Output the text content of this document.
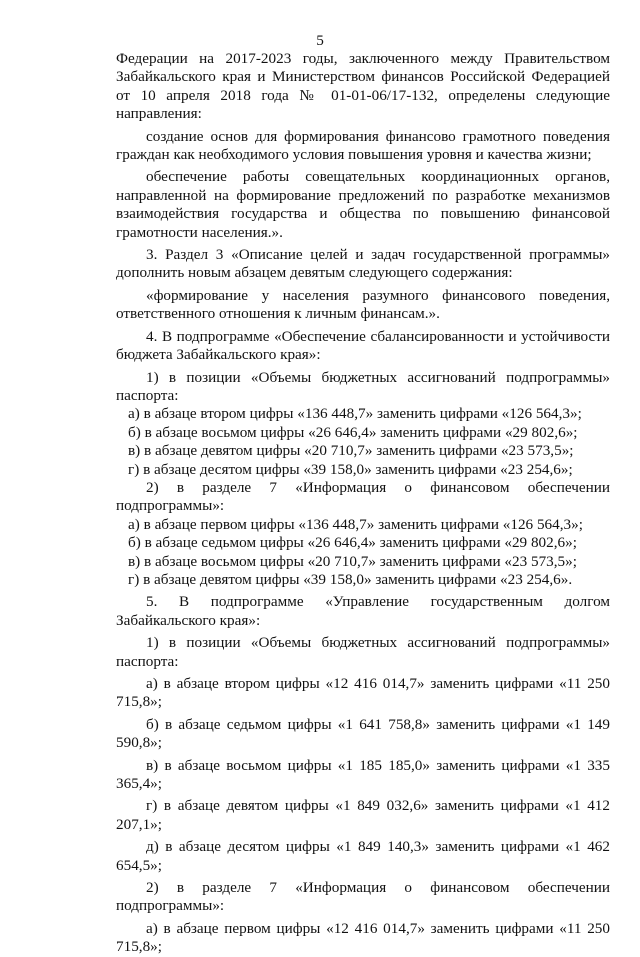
5

Федерации на 2017-2023 годы, заключенного между Правительством Забайкальского края и Министерством финансов Российской Федерацией от 10 апреля 2018 года № 01-01-06/17-132, определены следующие направления:

создание основ для формирования финансово грамотного поведения граждан как необходимого условия повышения уровня и качества жизни;

обеспечение работы совещательных координационных органов, направленной на формирование предложений по разработке механизмов взаимодействия государства и общества по повышению финансовой грамотности населения.».

3. Раздел 3 «Описание целей и задач государственной программы» дополнить новым абзацем девятым следующего содержания:

«формирование у населения разумного финансового поведения, ответственного отношения к личным финансам.».

4. В подпрограмме «Обеспечение сбалансированности и устойчивости бюджета Забайкальского края»:

1) в позиции «Объемы бюджетных ассигнований подпрограммы» паспорта:

а) в абзаце втором цифры «136 448,7» заменить цифрами «126 564,3»;

б) в абзаце восьмом цифры «26 646,4» заменить цифрами «29 802,6»;

в) в абзаце девятом цифры «20 710,7» заменить цифрами «23 573,5»;

г) в абзаце десятом цифры «39 158,0» заменить цифрами «23 254,6»;

2) в разделе 7 «Информация о финансовом обеспечении подпрограммы»:

а) в абзаце первом цифры «136 448,7» заменить цифрами «126 564,3»;

б) в абзаце седьмом цифры «26 646,4» заменить цифрами «29 802,6»;

в) в абзаце восьмом цифры «20 710,7» заменить цифрами «23 573,5»;

г) в абзаце девятом цифры «39 158,0» заменить цифрами «23 254,6».

5. В подпрограмме «Управление государственным долгом Забайкальского края»:

1) в позиции «Объемы бюджетных ассигнований подпрограммы» паспорта:

а) в абзаце втором цифры «12 416 014,7» заменить цифрами «11 250 715,8»;

б) в абзаце седьмом цифры «1 641 758,8» заменить цифрами «1 149 590,8»;

в) в абзаце восьмом цифры «1 185 185,0» заменить цифрами «1 335 365,4»;

г) в абзаце девятом цифры «1 849 032,6» заменить цифрами «1 412 207,1»;

д) в абзаце десятом цифры «1 849 140,3» заменить цифрами «1 462 654,5»;

2) в разделе 7 «Информация о финансовом обеспечении подпрограммы»:

а) в абзаце первом цифры «12 416 014,7» заменить цифрами «11 250 715,8»;
